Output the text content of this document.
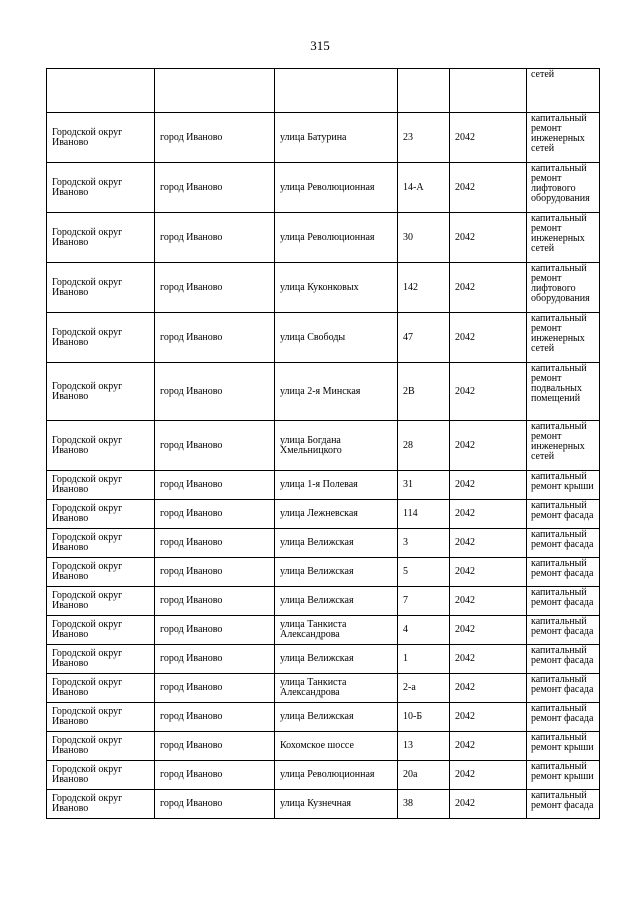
315
					сетей
Городской округ Иваново	город Иваново	улица Батурина	23	2042	капитальный ремонт инженерных сетей
Городской округ Иваново	город Иваново	улица Революционная	14-А	2042	капитальный ремонт лифтового оборудования
Городской округ Иваново	город Иваново	улица Революционная	30	2042	капитальный ремонт инженерных сетей
Городской округ Иваново	город Иваново	улица Куконковых	142	2042	капитальный ремонт лифтового оборудования
Городской округ Иваново	город Иваново	улица Свободы	47	2042	капитальный ремонт инженерных сетей
Городской округ Иваново	город Иваново	улица 2-я Минская	2В	2042	капитальный ремонт подвальных помещений
Городской округ Иваново	город Иваново	улица Богдана Хмельницкого	28	2042	капитальный ремонт инженерных сетей
Городской округ Иваново	город Иваново	улица 1-я Полевая	31	2042	капитальный ремонт крыши
Городской округ Иваново	город Иваново	улица Лежневская	114	2042	капитальный ремонт фасада
Городской округ Иваново	город Иваново	улица Велижская	3	2042	капитальный ремонт фасада
Городской округ Иваново	город Иваново	улица Велижская	5	2042	капитальный ремонт фасада
Городской округ Иваново	город Иваново	улица Велижская	7	2042	капитальный ремонт фасада
Городской округ Иваново	город Иваново	улица Танкиста Александрова	4	2042	капитальный ремонт фасада
Городской округ Иваново	город Иваново	улица Велижская	1	2042	капитальный ремонт фасада
Городской округ Иваново	город Иваново	улица Танкиста Александрова	2-а	2042	капитальный ремонт фасада
Городской округ Иваново	город Иваново	улица Велижская	10-Б	2042	капитальный ремонт фасада
Городской округ Иваново	город Иваново	Кохомское шоссе	13	2042	капитальный ремонт крыши
Городской округ Иваново	город Иваново	улица Революционная	20а	2042	капитальный ремонт крыши
Городской округ Иваново	город Иваново	улица Кузнечная	38	2042	капитальный ремонт фасада
